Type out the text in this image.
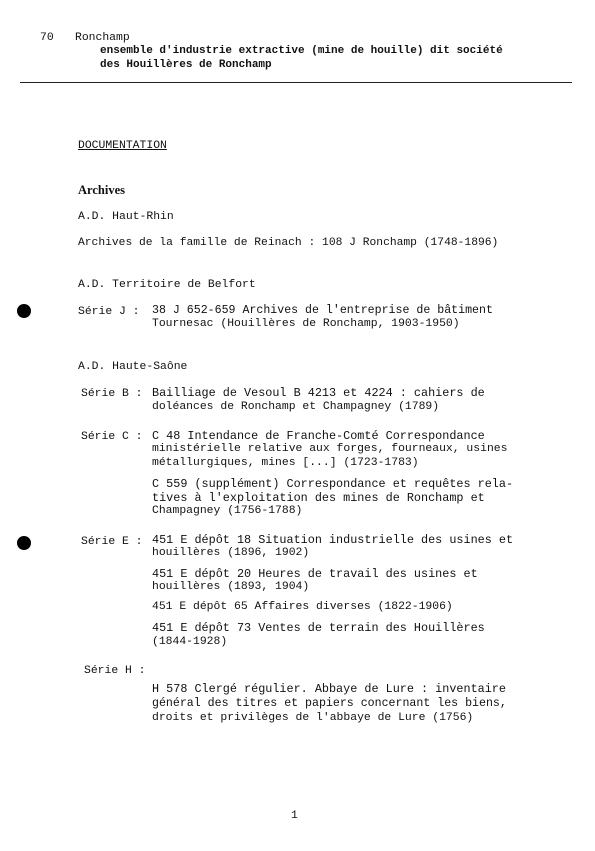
70 Ronchamp
ensemble d'industrie extractive (mine de houille) dit société
des Houillères de Ronchamp
DOCUMENTATION
Archives
A.D. Haut-Rhin
Archives de la famille de Reinach : 108 J Ronchamp (1748-1896)
A.D. Territoire de Belfort
Série J : 38 J 652-659 Archives de l'entreprise de bâtiment
Tournesac (Houillères de Ronchamp, 1903-1950)
A.D. Haute-Saône
Série B : Bailliage de Vesoul B 4213 et 4224 : cahiers de
doléances de Ronchamp et Champagney (1789)
Série C : C 48 Intendance de Franche-Comté Correspondance
ministérielle relative aux forges, fourneaux, usines
métallurgiques, mines [...] (1723-1783)
C 559 (supplément) Correspondance et requêtes rela-
tives à l'exploitation des mines de Ronchamp et
Champagney (1756-1788)
Série E : 451 E dépôt 18 Situation industrielle des usines et
houillères (1896, 1902)
451 E dépôt 20 Heures de travail des usines et
houillères (1893, 1904)
451 E dépôt 65 Affaires diverses (1822-1906)
451 E dépôt 73 Ventes de terrain des Houillères
(1844-1928)
Série H :
H 578 Clergé régulier. Abbaye de Lure : inventaire
général des titres et papiers concernant les biens,
droits et privilèges de l'abbaye de Lure (1756)
1
